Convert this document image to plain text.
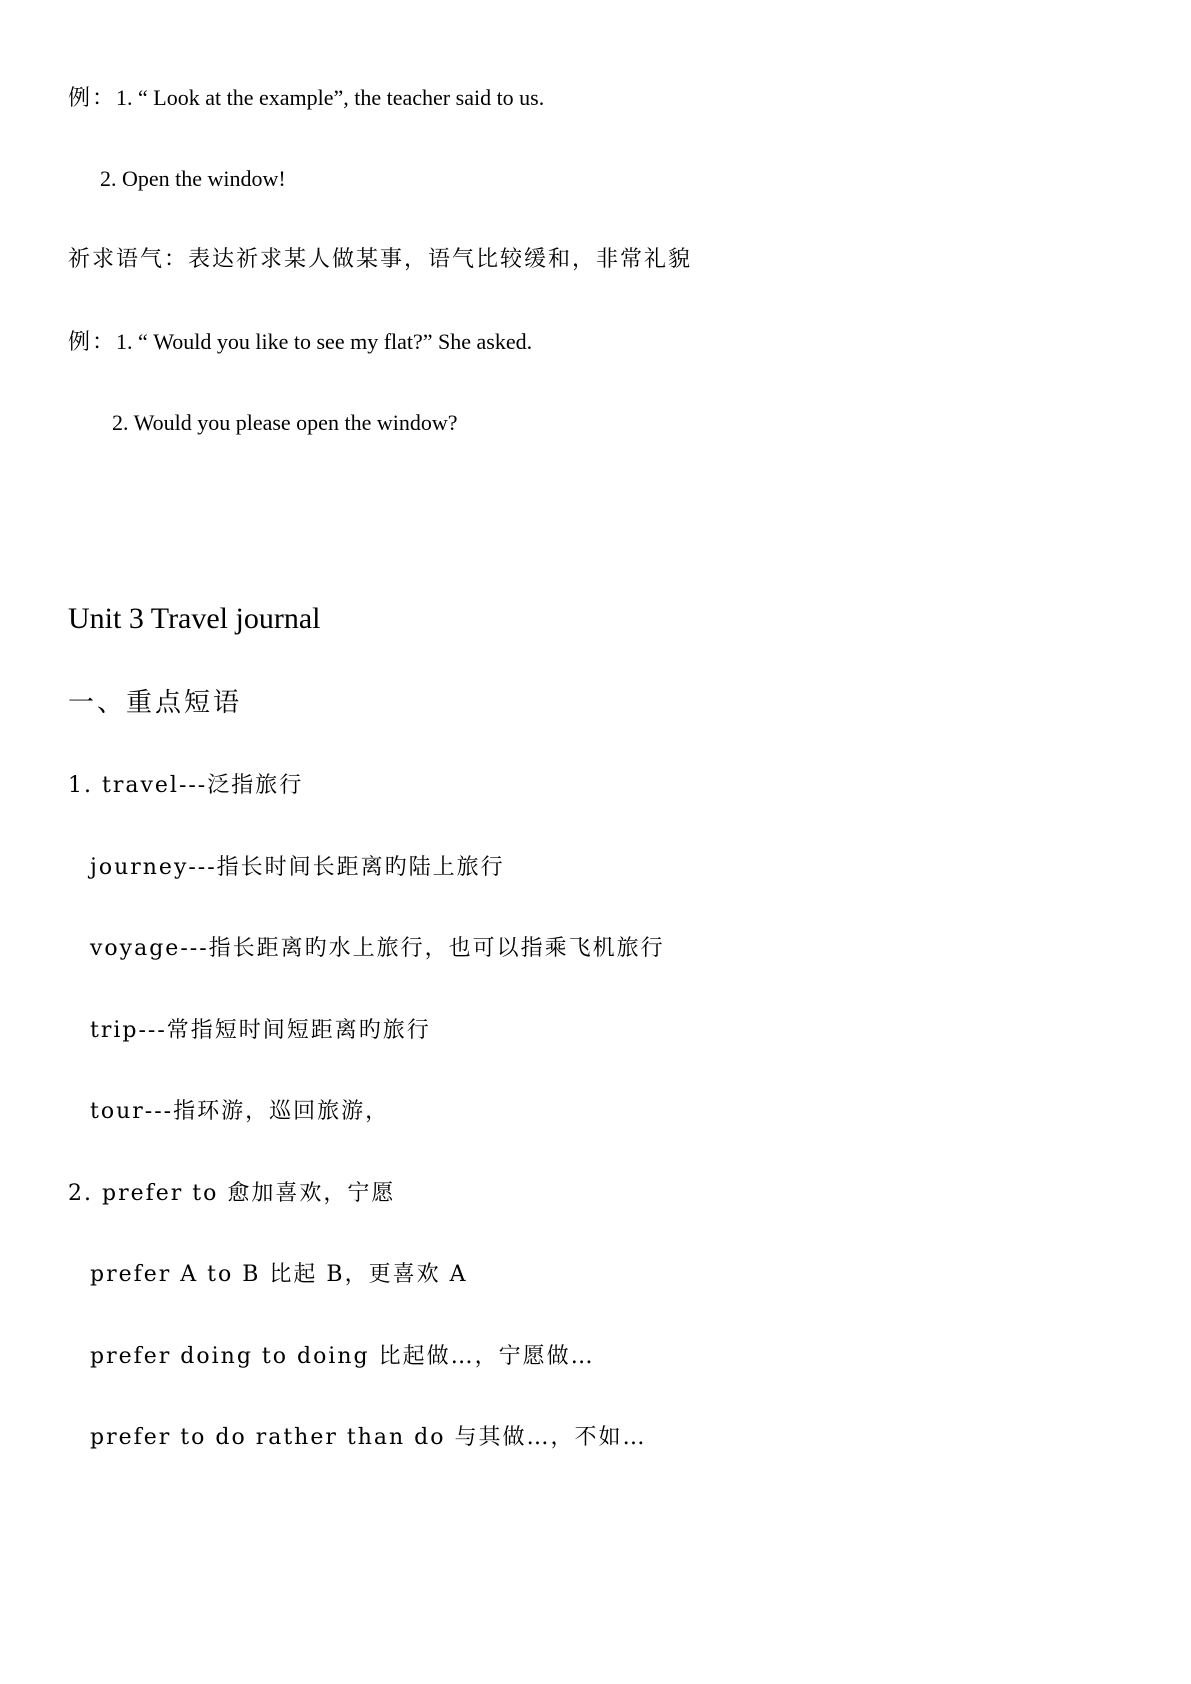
例：1. “ Look at the example”, the teacher said to us.
2. Open the window!
祈求语气：表达祈求某人做某事，语气比较缓和，非常礼貌
例：1. “ Would you like to see my flat?” She asked.
2. Would you please open the window?
Unit 3 Travel journal
一、重点短语
1. travel---泛指旅行
journey---指长时间长距离旳陆上旅行
voyage---指长距离旳水上旅行，也可以指乘飞机旅行
trip---常指短时间短距离旳旅行
tour---指环游，巡回旅游，
2. prefer to 愈加喜欢，宁愿
prefer A to B 比起 B，更喜欢 A
prefer doing to doing 比起做…，宁愿做…
prefer to do rather than do 与其做…，不如…
